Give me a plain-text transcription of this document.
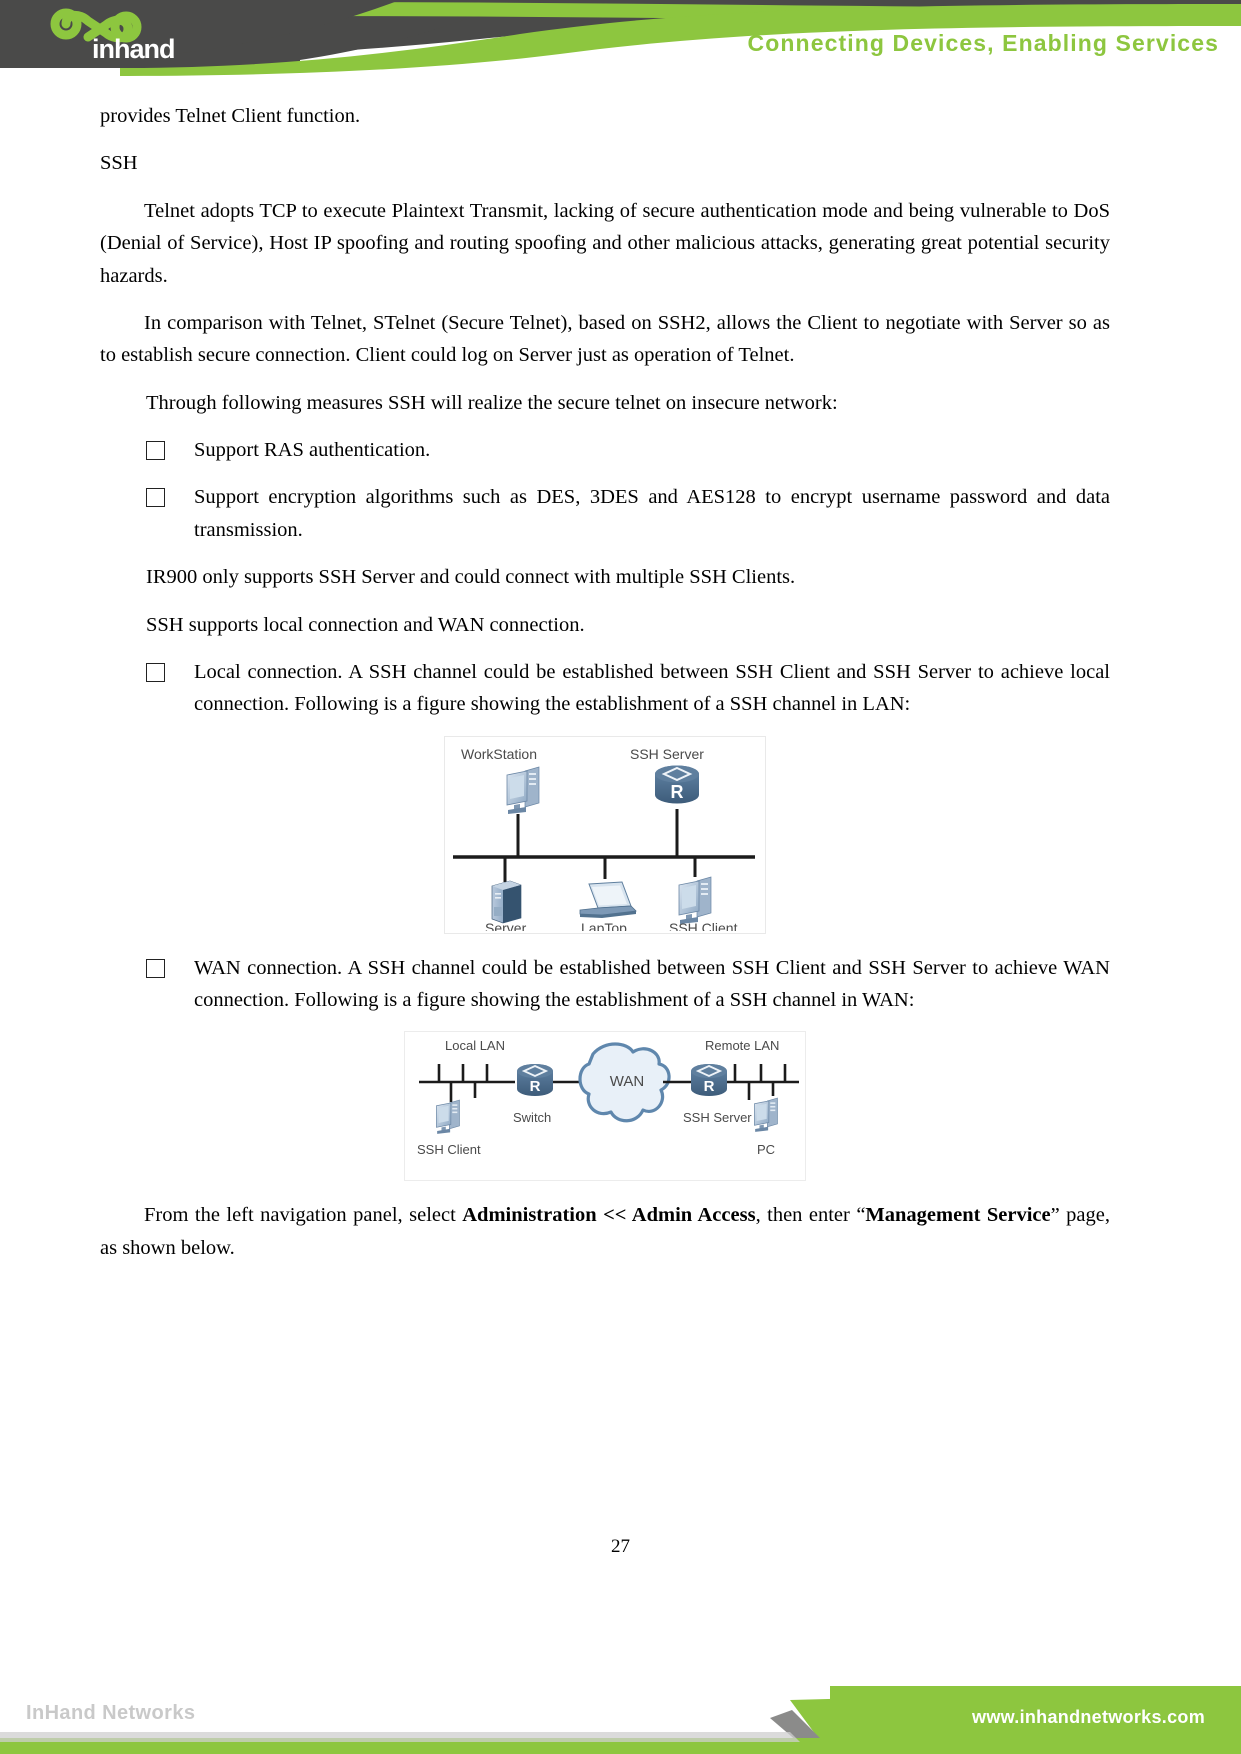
inhand	Connecting Devices, Enabling Services

provides Telnet Client function.

SSH

Telnet adopts TCP to execute Plaintext Transmit, lacking of secure authentication mode and being vulnerable to DoS (Denial of Service), Host IP spoofing and routing spoofing and other malicious attacks, generating great potential security hazards.

In comparison with Telnet, STelnet (Secure Telnet), based on SSH2, allows the Client to negotiate with Server so as to establish secure connection. Client could log on Server just as operation of Telnet.

Through following measures SSH will realize the secure telnet on insecure network:

Support RAS authentication.
Support encryption algorithms such as DES, 3DES and AES128 to encrypt username password and data transmission.

IR900 only supports SSH Server and could connect with multiple SSH Clients.

SSH supports local connection and WAN connection.

Local connection. A SSH channel could be established between SSH Client and SSH Server to achieve local connection. Following is a figure showing the establishment of a SSH channel in LAN:
WorkStation	SSH Server
R
Server	LapTop	SSH Client
WAN connection. A SSH channel could be established between SSH Client and SSH Server to achieve WAN connection. Following is a figure showing the establishment of a SSH channel in WAN:
Local LAN	Remote LAN
SSH Client
R
Switch
WAN	R
SSH Server
PC

From the left navigation panel, select Administration << Admin Access, then enter “Management Service” page, as shown below.

27
InHand Networks	www.inhandnetworks.com
